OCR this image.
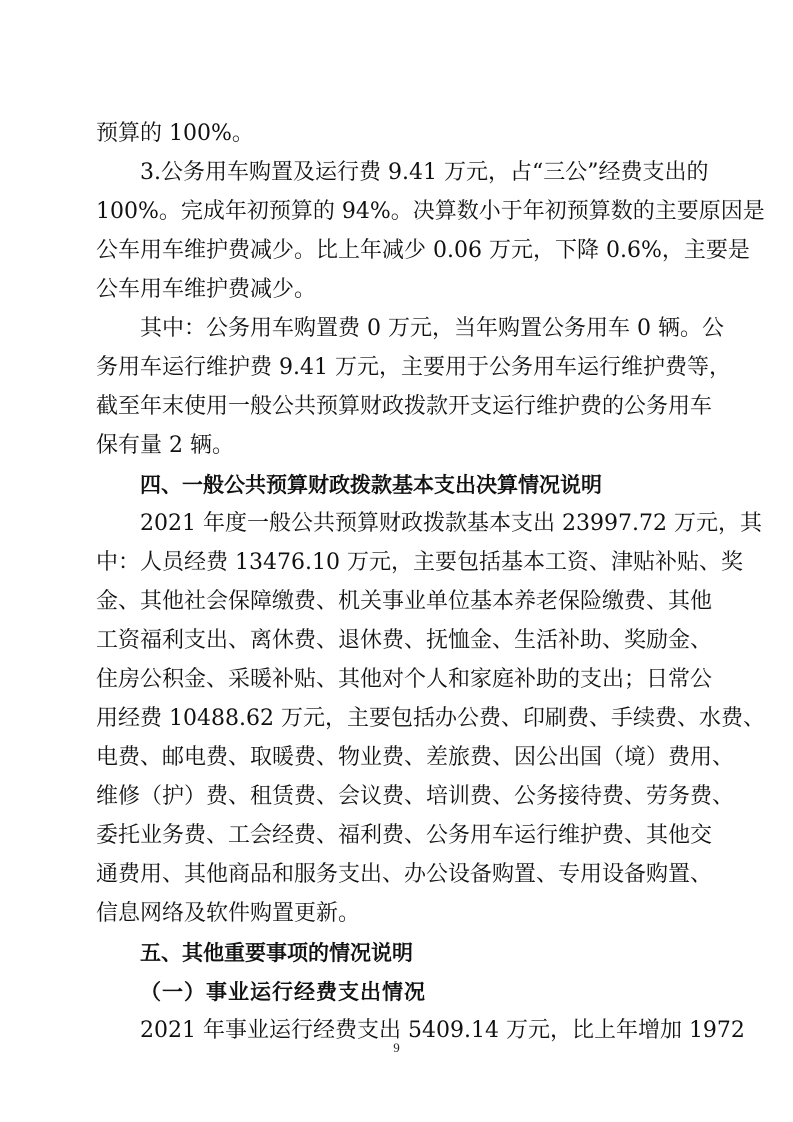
预算的 100%。
3.公务用车购置及运行费 9.41 万元，占“三公”经费支出的
100%。完成年初预算的 94%。决算数小于年初预算数的主要原因是
公车用车维护费减少。比上年减少 0.06 万元，下降 0.6%，主要是
公车用车维护费减少。
其中：公务用车购置费 0 万元，当年购置公务用车 0 辆。公
务用车运行维护费 9.41 万元，主要用于公务用车运行维护费等，
截至年末使用一般公共预算财政拨款开支运行维护费的公务用车
保有量 2 辆。
四、一般公共预算财政拨款基本支出决算情况说明
2021 年度一般公共预算财政拨款基本支出 23997.72 万元，其
中：人员经费 13476.10 万元，主要包括基本工资、津贴补贴、奖
金、其他社会保障缴费、机关事业单位基本养老保险缴费、其他
工资福利支出、离休费、退休费、抚恤金、生活补助、奖励金、
住房公积金、采暖补贴、其他对个人和家庭补助的支出；日常公
用经费 10488.62 万元，主要包括办公费、印刷费、手续费、水费、
电费、邮电费、取暖费、物业费、差旅费、因公出国（境）费用、
维修（护）费、租赁费、会议费、培训费、公务接待费、劳务费、
委托业务费、工会经费、福利费、公务用车运行维护费、其他交
通费用、其他商品和服务支出、办公设备购置、专用设备购置、
信息网络及软件购置更新。
五、其他重要事项的情况说明
（一）事业运行经费支出情况
2021 年事业运行经费支出 5409.14 万元，比上年增加 1972
9
